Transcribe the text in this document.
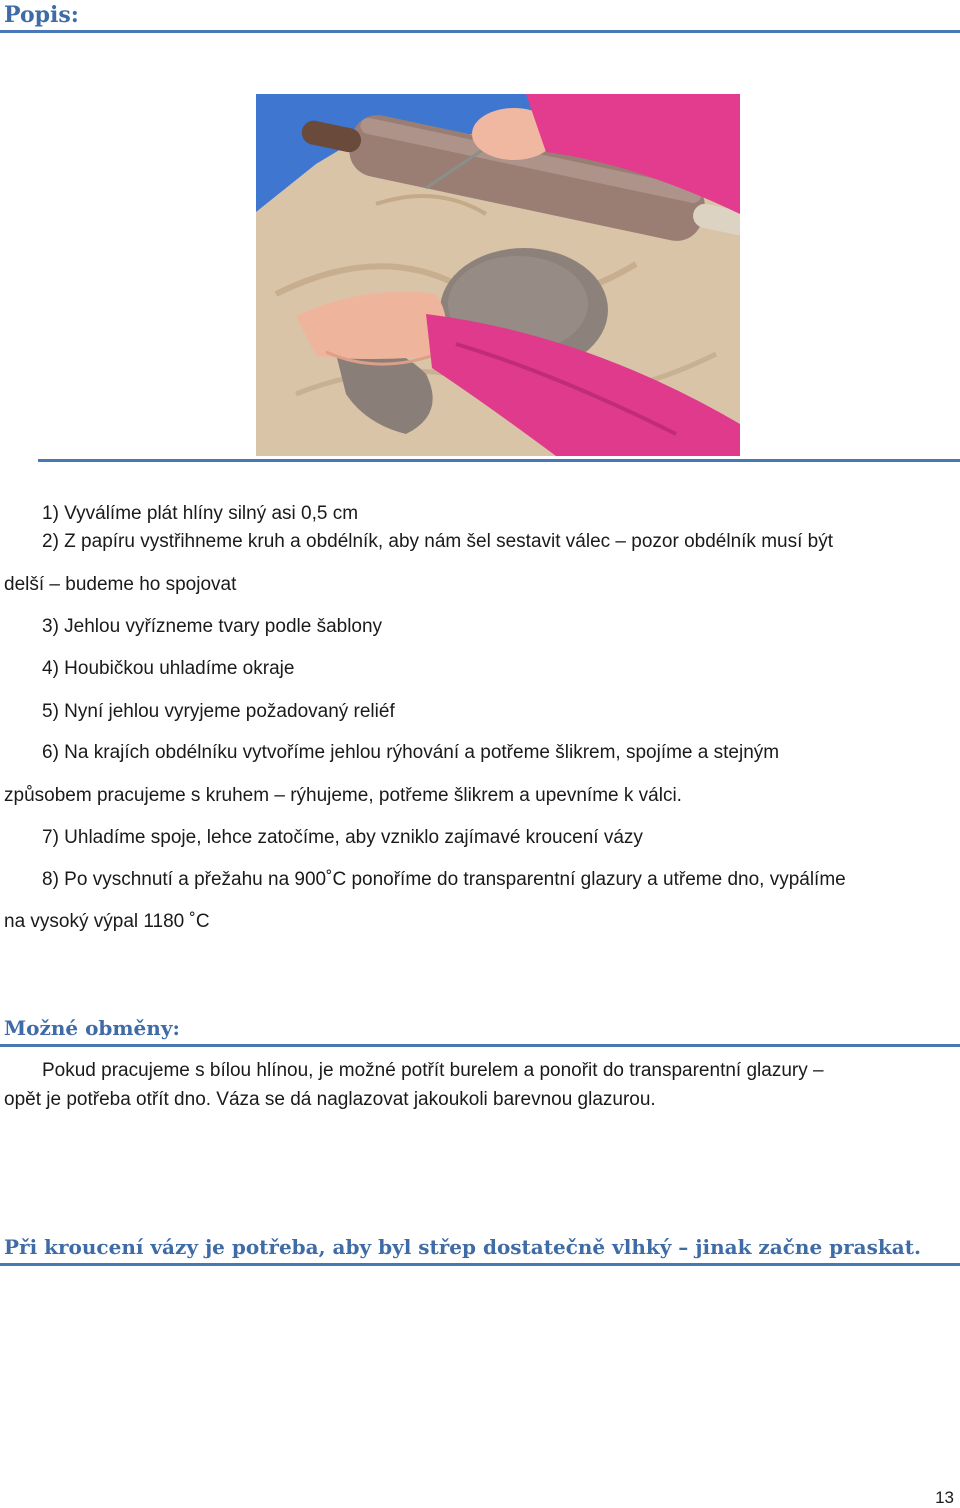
Popis:

1) Vyválíme plát hlíny silný asi 0,5 cm

2) Z papíru vystřihneme kruh a obdélník, aby nám šel sestavit válec – pozor obdélník musí být

delší – budeme ho spojovat

3) Jehlou vyřízneme tvary podle šablony

4) Houbičkou uhladíme okraje

5) Nyní jehlou vyryjeme požadovaný reliéf

6) Na krajích obdélníku vytvoříme jehlou rýhování a potřeme šlikrem, spojíme a stejným

způsobem pracujeme s kruhem – rýhujeme, potřeme šlikrem a upevníme k válci.

7) Uhladíme spoje, lehce zatočíme, aby vzniklo zajímavé kroucení vázy

8) Po vyschnutí a přežahu na 900˚C ponoříme do transparentní glazury a utřeme dno, vypálíme

na vysoký výpal 1180 ˚C

Možné obměny:

Pokud pracujeme s bílou hlínou, je možné potřít burelem a ponořit do transparentní glazury –

opět je potřeba otřít dno. Váza se dá naglazovat jakoukoli barevnou glazurou.

Při kroucení vázy je potřeba, aby byl střep dostatečně vlhký – jinak začne praskat.
13
